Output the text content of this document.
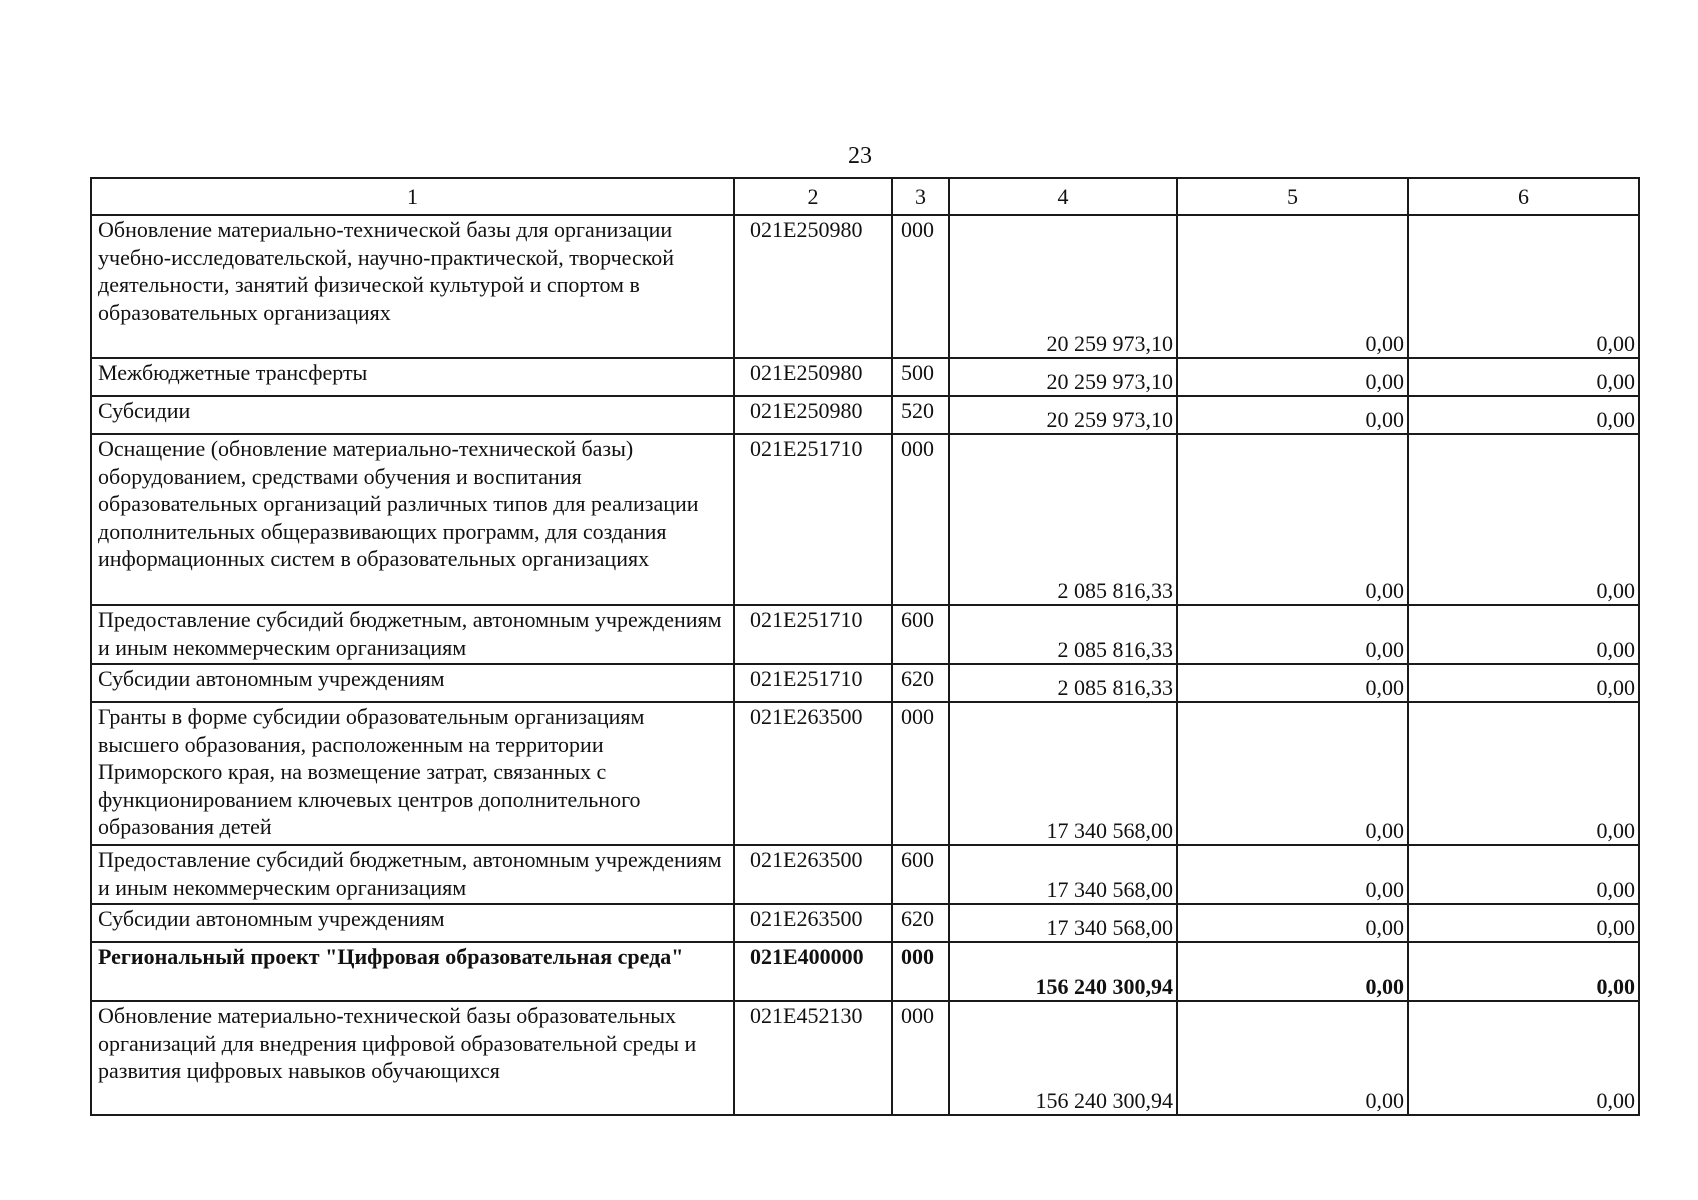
23
1	2	3	4	5	6
Обновление материально-технической базы для организации учебно-исследовательской, научно-практической, творческой деятельности, занятий физической культурой и спортом в образовательных организациях	021E250980	000	20 259 973,10	0,00	0,00
Межбюджетные трансферты	021E250980	500	20 259 973,10	0,00	0,00
Субсидии	021E250980	520	20 259 973,10	0,00	0,00
Оснащение (обновление материально-технической базы) оборудованием, средствами обучения и воспитания образовательных организаций различных типов для реализации дополнительных общеразвивающих программ, для создания информационных систем в образовательных организациях	021E251710	000	2 085 816,33	0,00	0,00
Предоставление субсидий бюджетным, автономным учреждениям и иным некоммерческим организациям	021E251710	600	2 085 816,33	0,00	0,00
Субсидии автономным учреждениям	021E251710	620	2 085 816,33	0,00	0,00
Гранты в форме субсидии образовательным организациям высшего образования, расположенным на территории Приморского края, на возмещение затрат, связанных с функционированием ключевых центров дополнительного образования детей	021E263500	000	17 340 568,00	0,00	0,00
Предоставление субсидий бюджетным, автономным учреждениям и иным некоммерческим организациям	021E263500	600	17 340 568,00	0,00	0,00
Субсидии автономным учреждениям	021E263500	620	17 340 568,00	0,00	0,00
Региональный проект "Цифровая образовательная среда"	021E400000	000	156 240 300,94	0,00	0,00
Обновление материально-технической базы образовательных организаций для внедрения цифровой образовательной среды и развития цифровых навыков обучающихся	021E452130	000	156 240 300,94	0,00	0,00
